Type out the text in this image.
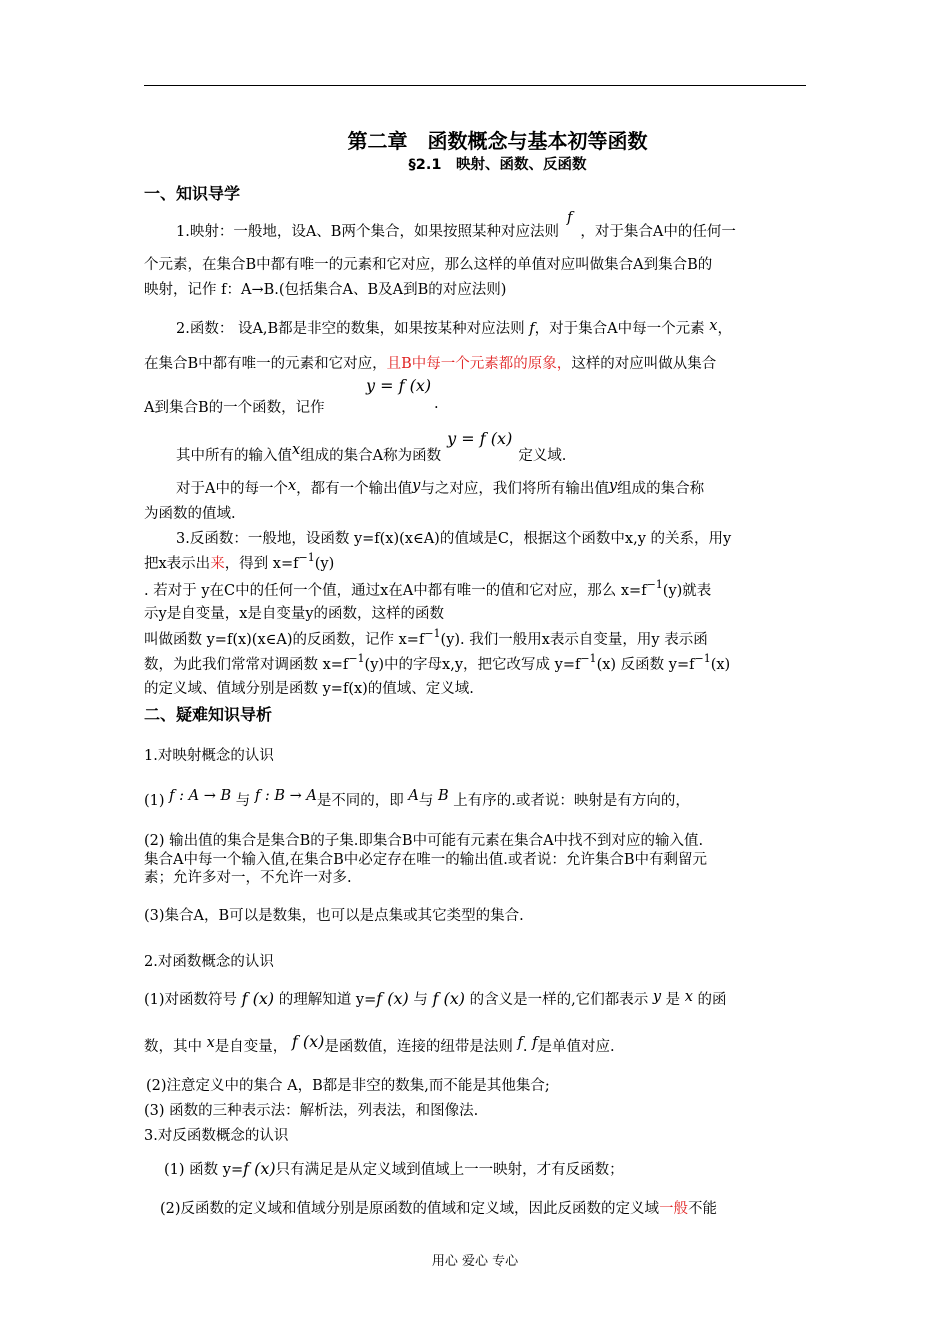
第二章　函数概念与基本初等函数
§2.1　映射、函数、反函数
一、知识导学
1.映射：一般地，设A、B两个集合，如果按照某种对应法则f，对于集合A中的任何一
个元素，在集合B中都有唯一的元素和它对应，那么这样的单值对应叫做集合A到集合B的
映射，记作 f：A→B.(包括集合A、B及A到B的对应法则)
2.函数： 设A,B都是非空的数集，如果按某种对应法则 f，对于集合A中每一个元素 x，
在集合B中都有唯一的元素和它对应，且B中每一个元素都的原象，这样的对应叫做从集合
y = f (x)
A到集合B的一个函数，记作	.
其中所有的输入值x组成的集合A称为函数y = f (x)定义域.
对于A中的每一个x，都有一个输出值y与之对应，我们将所有输出值y组成的集合称
为函数的值域.
3.反函数：一般地，设函数 y=f(x)(x∈A)的值域是C，根据这个函数中x,y 的关系，用y
把x表示出来，得到 $x=f^{-1}(y)$
. 若对于 y在C中的任何一个值，通过x在A中都有唯一的值和它对应，那么 $x=f^{-1}(y)$就表
示y是自变量，x是自变量y的函数，这样的函数
叫做函数 y=f(x)(x∈A)的反函数，记作 $x=f^{-1}(y)$. 我们一般用x表示自变量，用y 表示函
数，为此我们常常对调函数 $x=f^{-1}(y)$中的字母x,y，把它改写成 $y=f^{-1}(x)$ 反函数 $y=f^{-1}(x)$
的定义域、值域分别是函数 y=f(x)的值域、定义域.
二、疑难知识导析
1.对映射概念的认识
(1) f : A → B 与 f : B → A是不同的，即 A与 B 上有序的.或者说：映射是有方向的，
(2) 输出值的集合是集合B的子集.即集合B中可能有元素在集合A中找不到对应的输入值.
集合A中每一个输入值,在集合B中必定存在唯一的输出值.或者说：允许集合B中有剩留元
素；允许多对一，不允许一对多.
(3)集合A，B可以是数集，也可以是点集或其它类型的集合.
2.对函数概念的认识
(1)对函数符号 f (x) 的理解知道 y=f (x) 与 f (x) 的含义是一样的,它们都表示 y 是 x 的函
数，其中 x是自变量， f (x)是函数值，连接的纽带是法则 f. f是单值对应.
(2)注意定义中的集合 A，B都是非空的数集,而不能是其他集合;
(3) 函数的三种表示法：解析法，列表法，和图像法.
3.对反函数概念的认识
(1) 函数 y=f (x)只有满足是从定义域到值域上一一映射，才有反函数；
(2)反函数的定义域和值域分别是原函数的值域和定义域，因此反函数的定义域一般不能
用心 爱心 专心
